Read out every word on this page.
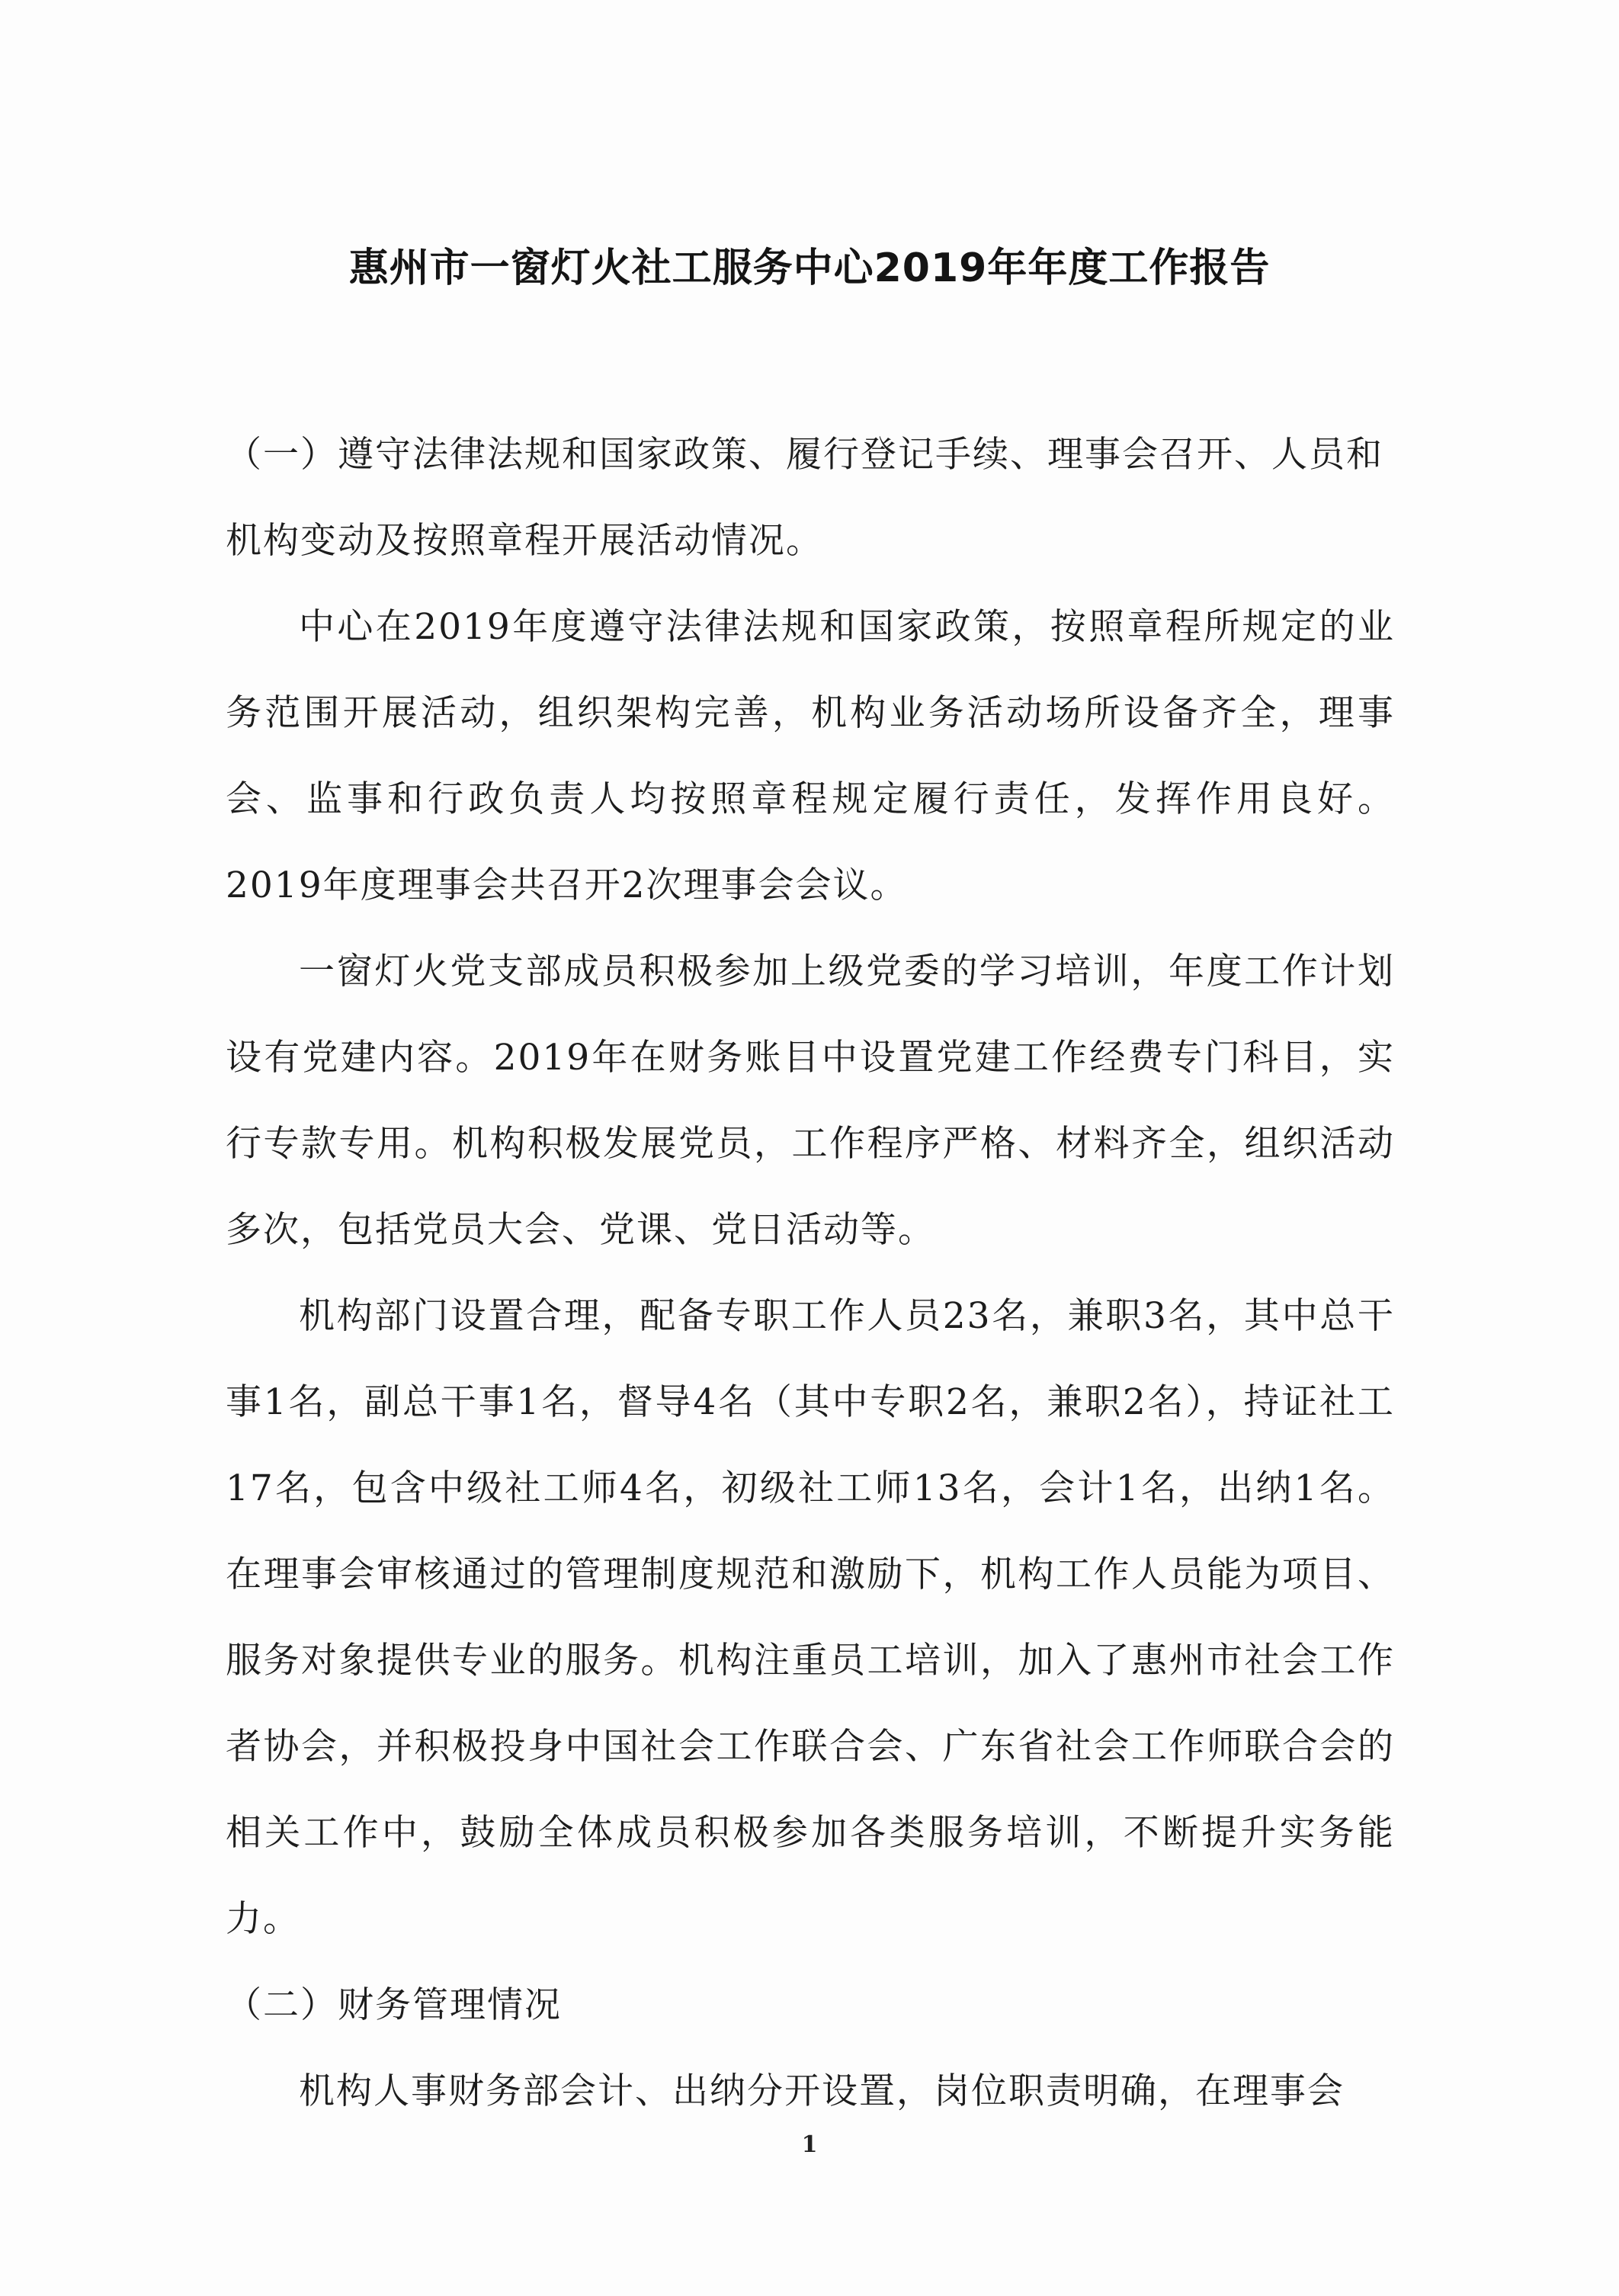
惠州市一窗灯火社工服务中心2019年年度工作报告

（一）遵守法律法规和国家政策、履行登记手续、理事会召开、人员和机构变动及按照章程开展活动情况。

中心在2019年度遵守法律法规和国家政策，按照章程所规定的业务范围开展活动，组织架构完善，机构业务活动场所设备齐全，理事会、监事和行政负责人均按照章程规定履行责任，发挥作用良好。2019年度理事会共召开2次理事会会议。

一窗灯火党支部成员积极参加上级党委的学习培训，年度工作计划设有党建内容。2019年在财务账目中设置党建工作经费专门科目，实行专款专用。机构积极发展党员，工作程序严格、材料齐全，组织活动多次，包括党员大会、党课、党日活动等。

机构部门设置合理，配备专职工作人员23名，兼职3名，其中总干事1名，副总干事1名，督导4名（其中专职2名，兼职2名），持证社工17名，包含中级社工师4名，初级社工师13名，会计1名，出纳1名。在理事会审核通过的管理制度规范和激励下，机构工作人员能为项目、服务对象提供专业的服务。机构注重员工培训，加入了惠州市社会工作者协会，并积极投身中国社会工作联合会、广东省社会工作师联合会的相关工作中，鼓励全体成员积极参加各类服务培训，不断提升实务能力。

（二）财务管理情况

机构人事财务部会计、出纳分开设置，岗位职责明确，在理事会

1
